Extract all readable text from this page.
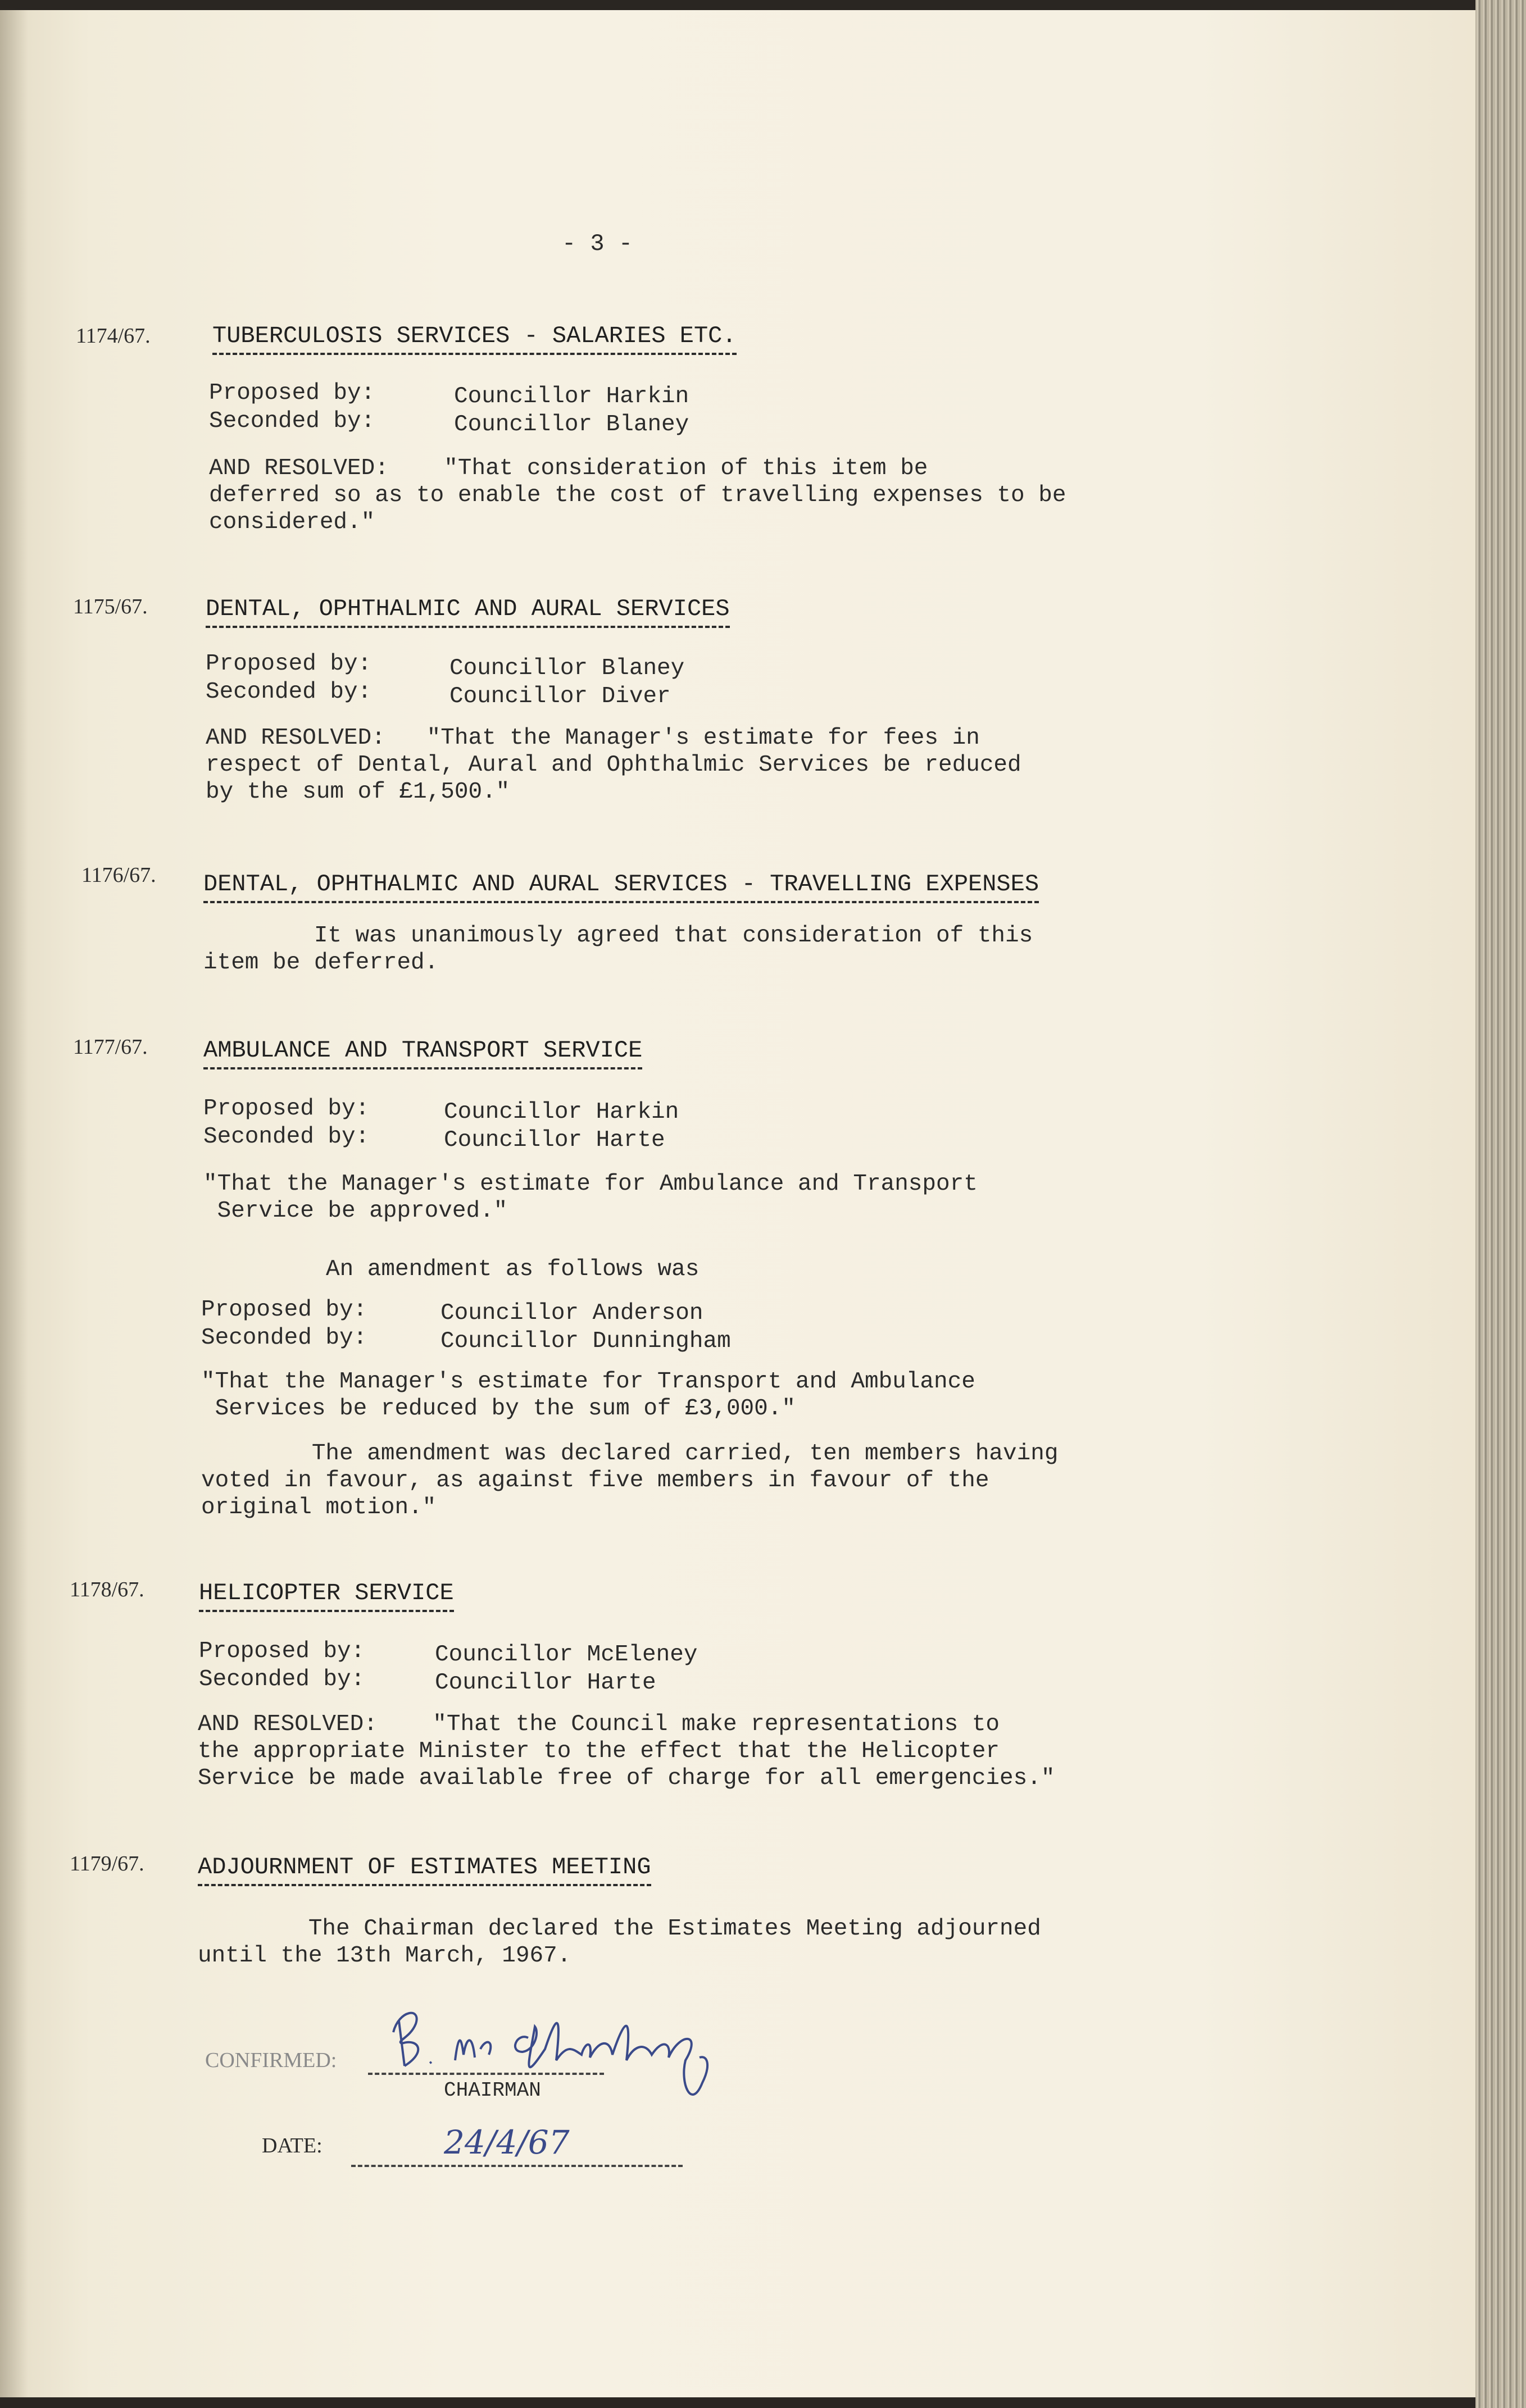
- 3 -
1174/67.	TUBERCULOSIS SERVICES - SALARIES ETC.
Proposed by:	Councillor Harkin
Seconded by:	Councillor Blaney
AND RESOLVED:    "That consideration of this item be
deferred so as to enable the cost of travelling expenses to be
considered."
1175/67. DENTAL, OPHTHALMIC AND AURAL SERVICES
Proposed by:	Councillor Blaney
Seconded by:	Councillor Diver
AND RESOLVED:   "That the Manager's estimate for fees in
respect of Dental, Aural and Ophthalmic Services be reduced
by the sum of £1,500."
1176/67. DENTAL, OPHTHALMIC AND AURAL SERVICES - TRAVELLING EXPENSES
It was unanimously agreed that consideration of this
item be deferred.
1177/67. AMBULANCE AND TRANSPORT SERVICE
Proposed by:	Councillor Harkin
Seconded by:	Councillor Harte
"That the Manager's estimate for Ambulance and Transport
Service be approved."
An amendment as follows was
Proposed by:	Councillor Anderson
Seconded by:	Councillor Dunningham
"That the Manager's estimate for Transport and Ambulance
Services be reduced by the sum of £3,000."
The amendment was declared carried, ten members having
voted in favour, as against five members in favour of the
original motion."
1178/67. HELICOPTER SERVICE
Proposed by:	Councillor McEleney
Seconded by:	Councillor Harte
AND RESOLVED:    "That the Council make representations to
the appropriate Minister to the effect that the Helicopter
Service be made available free of charge for all emergencies."
1179/67. ADJOURNMENT OF ESTIMATES MEETING
The Chairman declared the Estimates Meeting adjourned
until the 13th March, 1967.
CONFIRMED:
CHAIRMAN
B. Mc Glinchey
DATE:	24/4/67
